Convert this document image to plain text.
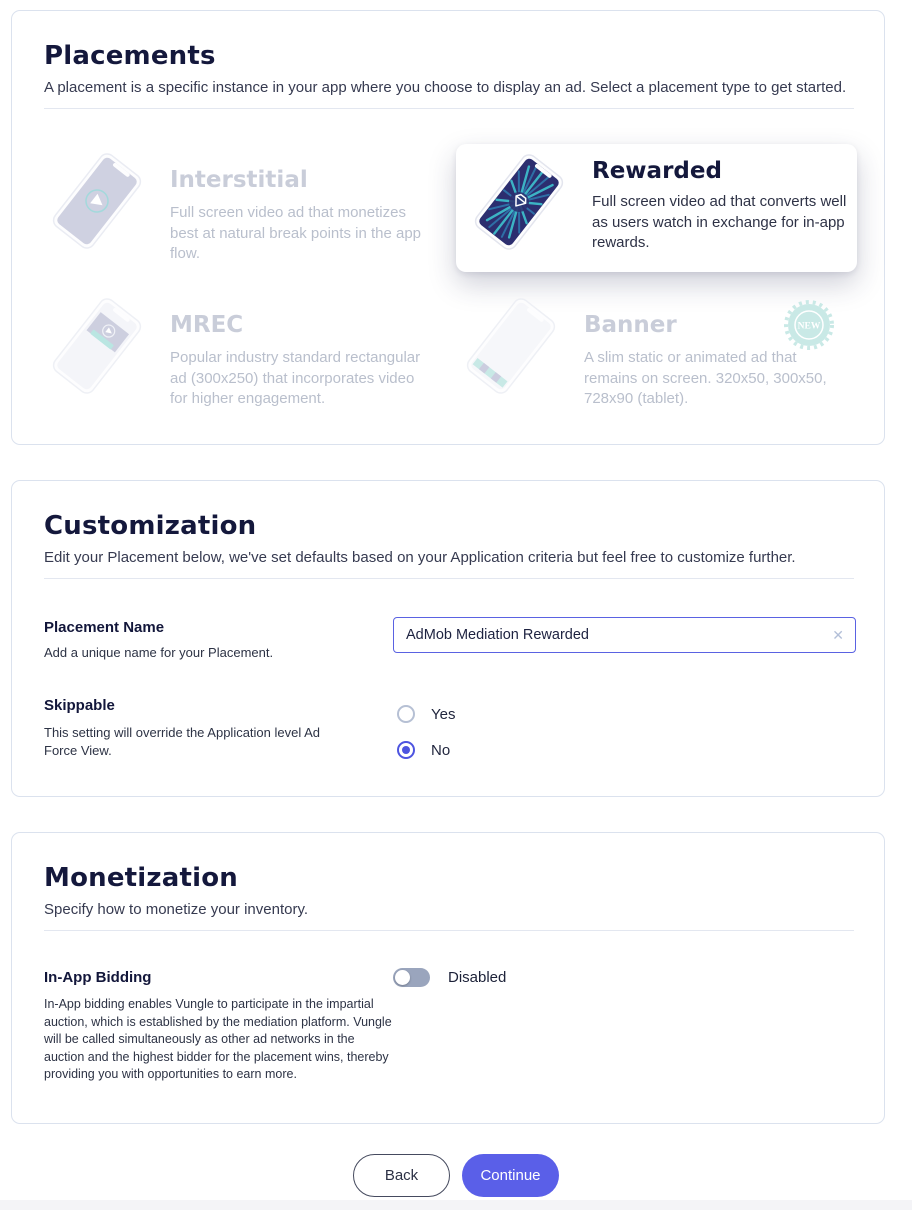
Placements

A placement is a specific instance in your app where you choose to display an ad. Select a placement type to get started.

Interstitial
Full screen video ad that monetizes best at natural break points in the app flow.
Rewarded
Full screen video ad that converts well as users watch in exchange for in-app rewards.
MREC
Popular industry standard rectangular ad (300x250) that incorporates video for higher engagement.
Banner
A slim static or animated ad that remains on screen. 320x50, 300x50, 728x90 (tablet).
NEW
Customization

Edit your Placement below, we've set defaults based on your Application criteria but feel free to customize further.

Placement Name
Add a unique name for your Placement.
AdMob Mediation Rewarded
✕
Skippable
This setting will override the Application level Ad Force View.
Yes
No
Monetization

Specify how to monetize your inventory.

In-App Bidding
In-App bidding enables Vungle to participate in the impartial auction, which is established by the mediation platform. Vungle will be called simultaneously as other ad networks in the auction and the highest bidder for the placement wins, thereby providing you with opportunities to earn more.
Disabled
Back	Continue
